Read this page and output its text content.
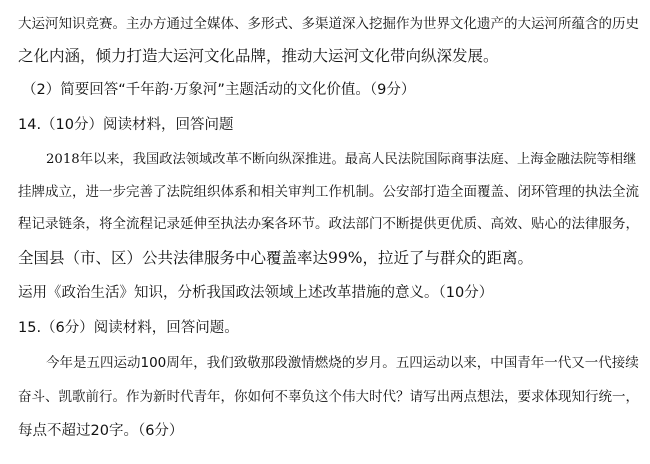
大运河知识竞赛。主办方通过全媒体、多形式、多渠道深入挖掘作为世界文化遗产的大运河所蕴含的历史
之化内涵，倾力打造大运河文化品牌，推动大运河文化带向纵深发展。
（2）简要回答“千年韵·万象河”主题活动的文化价值。（9分）
14.（10分）阅读材料，回答问题
2018年以来，我国政法领域改革不断向纵深推进。最高人民法院国际商事法庭、上海金融法院等相继
挂牌成立，进一步完善了法院组织体系和相关审判工作机制。公安部打造全面覆盖、闭环管理的执法全流
程记录链条，将全流程记录延伸至执法办案各环节。政法部门不断提供更优质、高效、贴心的法律服务，
全国县（市、区）公共法律服务中心覆盖率达99%，拉近了与群众的距离。
运用《政治生活》知识，分析我国政法领域上述改革措施的意义。（10分）
15.（6分）阅读材料，回答问题。
今年是五四运动100周年，我们致敬那段激情燃烧的岁月。五四运动以来，中国青年一代又一代接续
奋斗、凯歌前行。作为新时代青年，你如何不辜负这个伟大时代？请写出两点想法，要求体现知行统一，
每点不超过20字。（6分）
